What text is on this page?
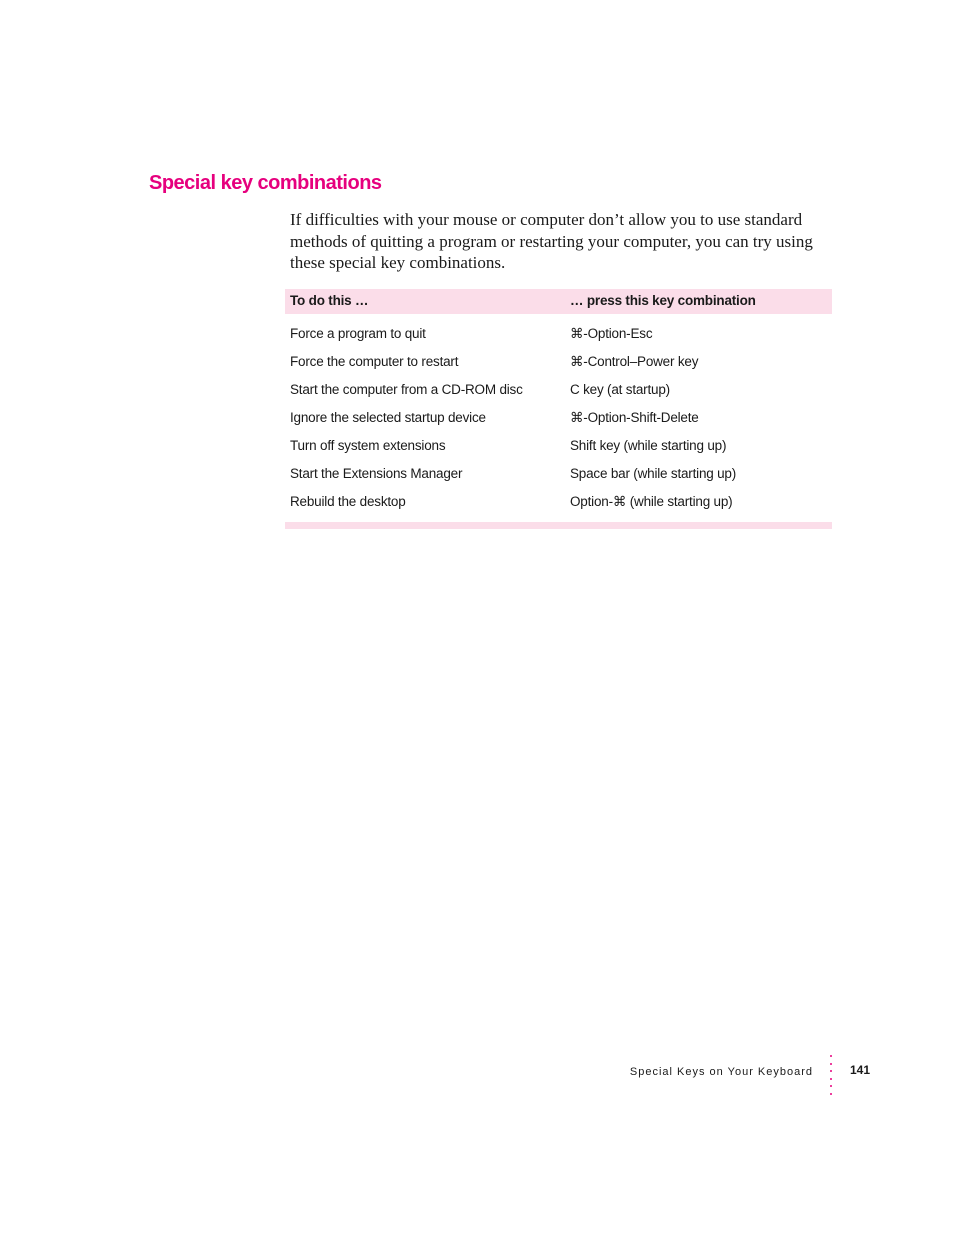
Special key combinations

If difficulties with your mouse or computer don’t allow you to use standard methods of quitting a program or restarting your computer, you can try using these special key combinations.

To do this …	… press this key combination
Force a program to quit	⌘-Option-Esc
Force the computer to restart	⌘-Control–Power key
Start the computer from a CD-ROM disc	C key (at startup)
Ignore the selected startup device	⌘-Option-Shift-Delete
Turn off system extensions	Shift key (while starting up)
Start the Extensions Manager	Space bar (while starting up)
Rebuild the desktop	Option-⌘ (while starting up)
Special Keys on Your Keyboard	141
